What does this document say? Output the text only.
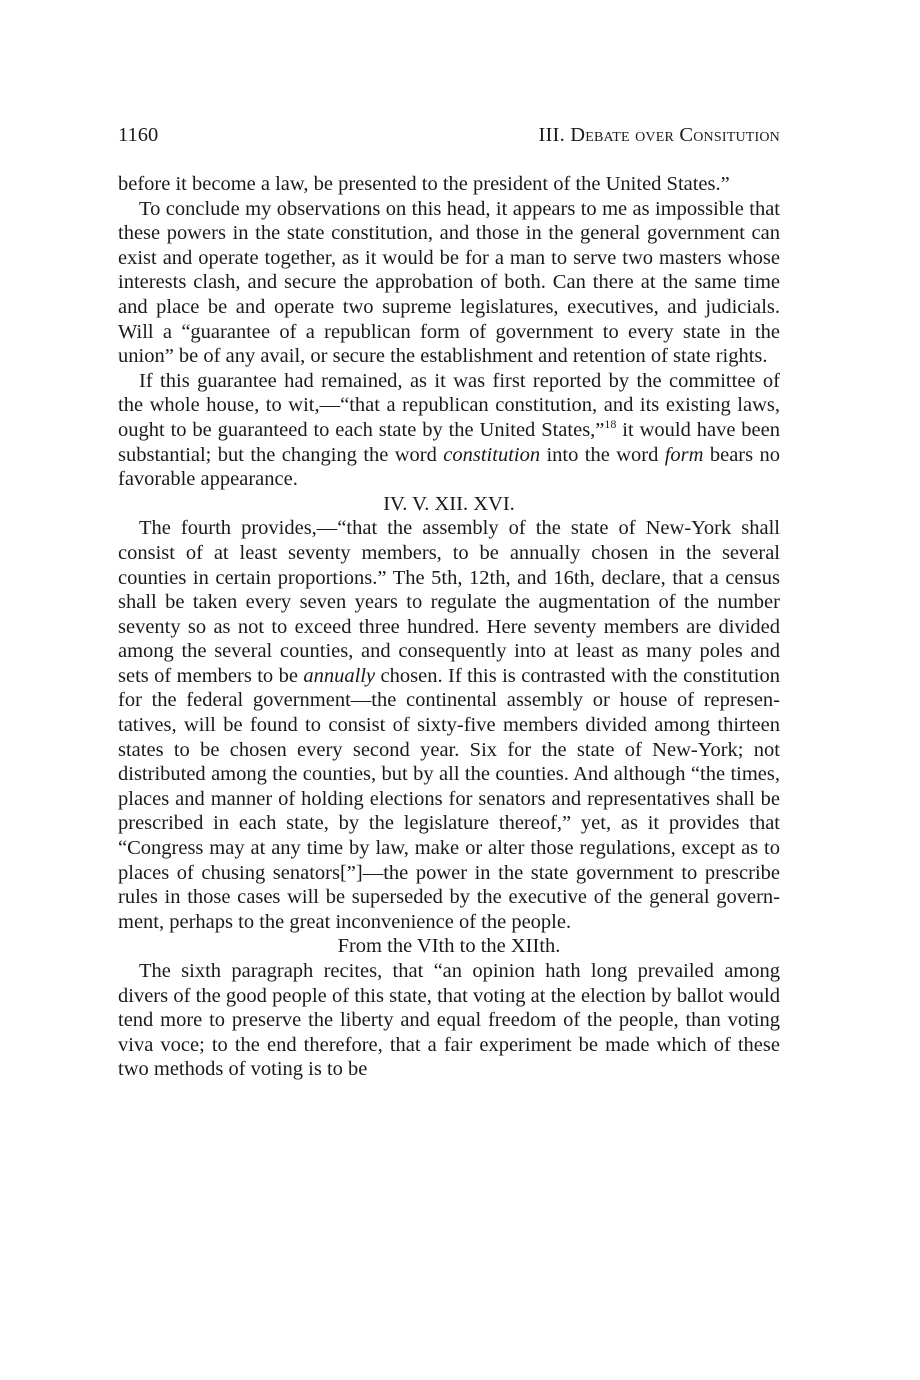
1160	III. Debate over Consitution

before it become a law, be presented to the president of the United States.”

To conclude my observations on this head, it appears to me as impossible that these powers in the state constitution, and those in the general government can exist and operate together, as it would be for a man to serve two masters whose interests clash, and secure the approbation of both. Can there at the same time and place be and operate two supreme legislatures, executives, and judicials. Will a “guarantee of a republican form of government to every state in the union” be of any avail, or secure the establishment and retention of state rights.

If this guarantee had remained, as it was first reported by the committee of the whole house, to wit,—“that a republican constitution, and its existing laws, ought to be guaranteed to each state by the United States,”$^{18}$ it would have been substantial; but the changing the word constitution into the word form bears no favorable appearance.

IV. V. XII. XVI.

The fourth provides,—“that the assembly of the state of New-York shall consist of at least seventy members, to be annually chosen in the several counties in certain proportions.” The 5th, 12th, and 16th, declare, that a census shall be taken every seven years to regulate the augmentation of the number seventy so as not to exceed three hundred. Here seventy members are divided among the several counties, and consequently into at least as many poles and sets of members to be annually chosen. If this is contrasted with the constitution for the federal government—the continental assembly or house of representatives, will be found to consist of sixty-five members divided among thirteen states to be chosen every second year. Six for the state of New-York; not distributed among the counties, but by all the counties. And although “the times, places and manner of holding elections for senators and representatives shall be prescribed in each state, by the legislature thereof,” yet, as it provides that “Congress may at any time by law, make or alter those regulations, except as to places of chusing senators[”]—the power in the state government to prescribe rules in those cases will be superseded by the executive of the general government, perhaps to the great inconvenience of the people.

From the VIth to the XIIth.

The sixth paragraph recites, that “an opinion hath long prevailed among divers of the good people of this state, that voting at the election by ballot would tend more to preserve the liberty and equal freedom of the people, than voting viva voce; to the end therefore, that a fair experiment be made which of these two methods of voting is to be
